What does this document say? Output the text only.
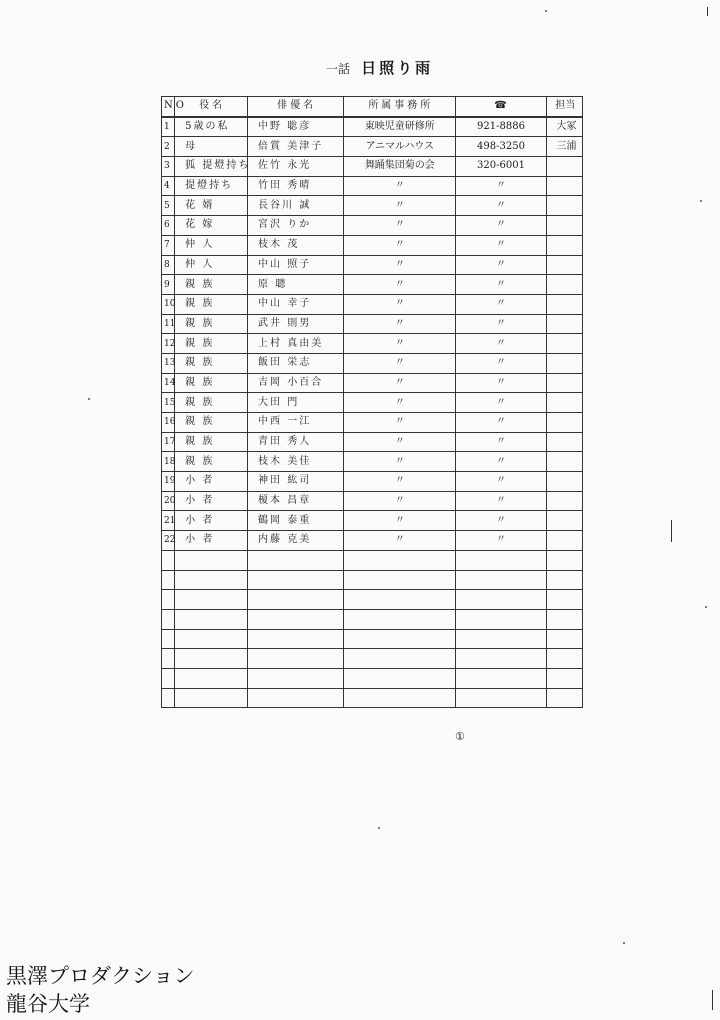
一話 日照り雨
NO	役名	俳優名	所属事務所	☎	担当
1	5歳の私	中野 聡彦	東映児童研修所	921-8886	大冢
2	母	倍賞 美津子	アニマルハウス	498-3250	三浦
3	狐 提燈持ち	佐竹 永光	舞踊集団菊の会	320-6001	
4	提燈持ち	竹田 秀晴	〃	〃	
5	花 婿	長谷川 誠	〃	〃	
6	花 嫁	宮沢 りか	〃	〃	
7	仲 人	枝木 茂	〃	〃	
8	仲 人	中山 照子	〃	〃	
9	親 族	原 聰	〃	〃	
10	親 族	中山 幸子	〃	〃	
11	親 族	武井 則男	〃	〃	
12	親 族	上村 真由美	〃	〃	
13	親 族	飯田 栄志	〃	〃	
14	親 族	吉岡 小百合	〃	〃	
15	親 族	大田 門	〃	〃	
16	親 族	中西 一江	〃	〃	
17	親 族	青田 秀人	〃	〃	
18	親 族	枝木 美佳	〃	〃	
19	小 者	神田 紘司	〃	〃	
20	小 者	榎本 昌章	〃	〃	
21	小 者	鶴岡 泰重	〃	〃	
22	小 者	内藤 克美	〃	〃	

①
黒澤プロダクション
龍谷大学
